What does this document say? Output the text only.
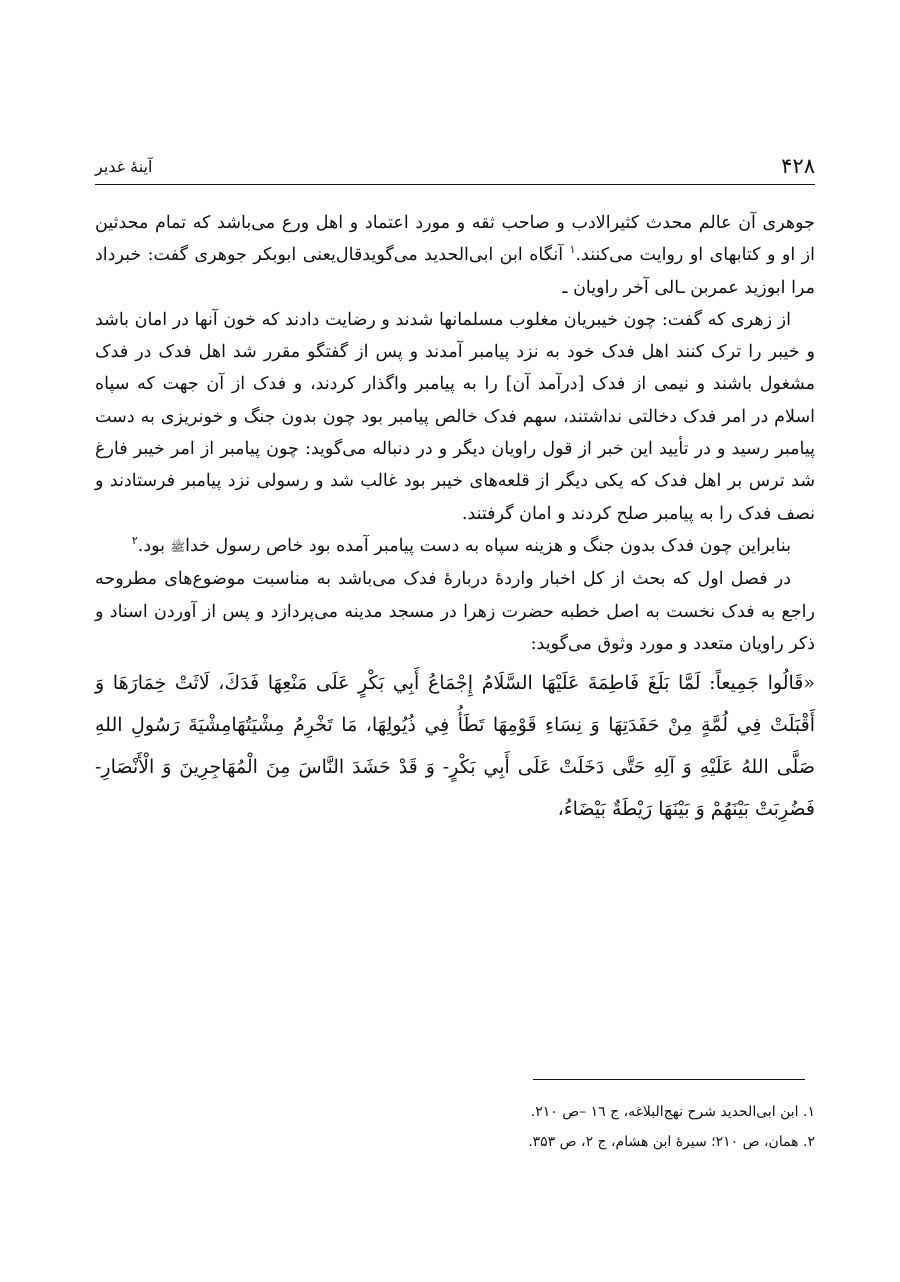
۴۲۸
آینهٔ غدیر

جوهری آن عالم محدث کثیرالادب و صاحب ثقه و مورد اعتماد و اهل ورع می‌باشد که تمام محدثین از او و کتابهای او روایت می‌کنند.$^۱$ آنگاه ابن ابی‌الحدید می‌گویدقال‌یعنی ابوبکر جوهری گفت: خبرداد مرا ابوزید عمربن ـالی آخر راویان ـ

از زهری که گفت: چون خیبریان مغلوب مسلمانها شدند و رضایت دادند که خون آنها در امان باشد و خیبر را ترک کنند اهل فدک خود به نزد پیامبر آمدند و پس از گفتگو مقرر شد اهل فدک در فدک مشغول باشند و نیمی از فدک [درآمد آن] را به پیامبر واگذار کردند، و فدک از آن جهت که سپاه اسلام در امر فدک دخالتی نداشتند، سهم فدک خالص پیامبر بود چون بدون جنگ و خونریزی به دست پیامبر رسید و در تأیید این خبر از قول راویان دیگر و در دنباله می‌گوید: چون پیامبر از امر خیبر فارغ شد ترس بر اهل فدک که یکی دیگر از قلعه‌های خیبر بود غالب شد و رسولی نزد پیامبر فرستادند و نصف فدک را به پیامبر صلح کردند و امان گرفتند.

بنابراین چون فدک بدون جنگ و هزینه سپاه به دست پیامبر آمده بود خاص رسول خداﷺ بود.$^۲$

در فصل اول که بحث از کل اخبار واردهٔ دربارهٔ فدک می‌باشد به مناسبت موضوع‌های مطروحه راجع به فدک نخست به اصل خطبه حضرت زهرا در مسجد مدینه می‌پردازد و پس از آوردن اسناد و ذکر راویان متعدد و مورد وثوق می‌گوید:

«قَالُوا جَمِيعاً: لَمَّا بَلَغَ فَاطِمَةَ عَلَيْهَا السَّلَامُ إِجْمَاعُ أَبِي بَكْرٍ عَلَى مَنْعِهَا فَدَكَ، لَاثَتْ خِمَارَهَا وَ أَقْبَلَتْ فِي لُمَّةٍ مِنْ حَفَدَتِهَا وَ نِسَاءِ قَوْمِهَا تَطَأُ فِي ذُيُولِهَا، مَا تَخْرِمُ مِشْيَتُهَامِشْيَةَ رَسُولِ اللهِ صَلَّى اللهُ عَلَيْهِ وَ آلِهِ حَتَّى دَخَلَتْ عَلَى أَبِي بَكْرٍ- وَ قَدْ حَشَدَ النَّاسَ مِنَ الْمُهَاجِرِينَ وَ الْأَنْصَارِ- فَضُرِبَتْ بَيْنَهُمْ وَ بَيْنَهَا رَيْطَةٌ بَيْضَاءُ،

۱. ابن ابی‌الحدید شرح نهج‌البلاغه، ج ١٦ –ص ۲۱۰.

۲. همان، ص ۲۱۰؛ سیرهٔ ابن هشام، ج ۲، ص ۳۵۳.
